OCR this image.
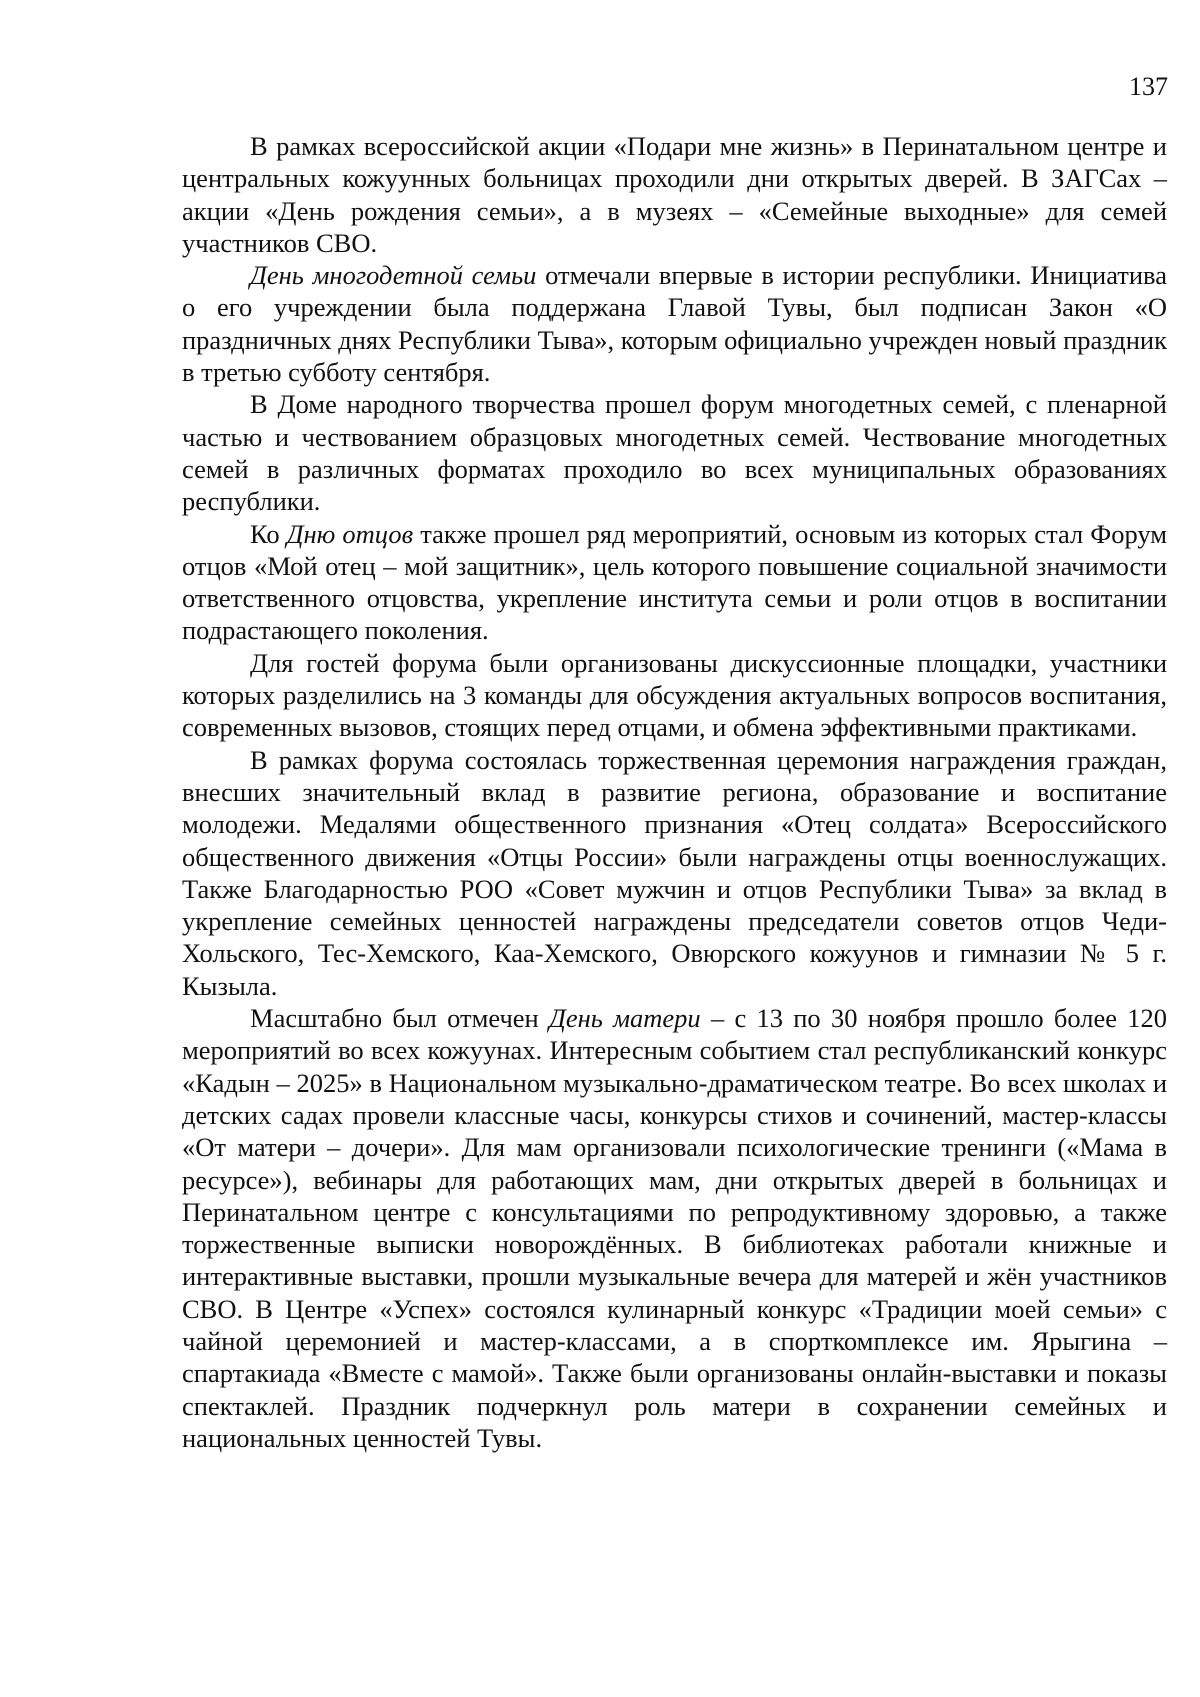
137

В рамках всероссийской акции «Подари мне жизнь» в Перинатальном центре и центральных кожуунных больницах проходили дни открытых дверей. В ЗАГСах – акции «День рождения семьи», а в музеях – «Семейные выходные» для семей участников СВО.

День многодетной семьи отмечали впервые в истории республики. Инициатива о его учреждении была поддержана Главой Тувы, был подписан Закон «О праздничных днях Республики Тыва», которым официально учрежден новый праздник в третью субботу сентября.

В Доме народного творчества прошел форум многодетных семей, с пленарной частью и чествованием образцовых многодетных семей. Чествование многодетных семей в различных форматах проходило во всех муниципальных образованиях республики.

Ко Дню отцов также прошел ряд мероприятий, основым из которых стал Форум отцов «Мой отец – мой защитник», цель которого повышение социальной значимости ответственного отцовства, укрепление института семьи и роли отцов в воспитании подрастающего поколения.

Для гостей форума были организованы дискуссионные площадки, участники которых разделились на 3 команды для обсуждения актуальных вопросов воспитания, современных вызовов, стоящих перед отцами, и обмена эффективными практиками.

В рамках форума состоялась торжественная церемония награждения граждан, внесших значительный вклад в развитие региона, образование и воспитание молодежи. Медалями общественного признания «Отец солдата» Всероссийского общественного движения «Отцы России» были награждены отцы военнослужащих. Также Благодарностью РОО «Совет мужчин и отцов Республики Тыва» за вклад в укрепление семейных ценностей награждены председатели советов отцов Чеди-Хольского, Тес-Хемского, Каа-Хемского, Овюрского кожуунов и гимназии № 5 г. Кызыла.

Масштабно был отмечен День матери – с 13 по 30 ноября прошло более 120 мероприятий во всех кожуунах. Интересным событием стал республиканский конкурс «Кадын – 2025» в Национальном музыкально-драматическом театре. Во всех школах и детских садах провели классные часы, конкурсы стихов и сочинений, мастер-классы «От матери – дочери». Для мам организовали психологические тренинги («Мама в ресурсе»), вебинары для работающих мам, дни открытых дверей в больницах и Перинатальном центре с консультациями по репродуктивному здоровью, а также торжественные выписки новорождённых. В библиотеках работали книжные и интерактивные выставки, прошли музыкальные вечера для матерей и жён участников СВО. В Центре «Успех» состоялся кулинарный конкурс «Традиции моей семьи» с чайной церемонией и мастер-классами, а в спорткомплексе им. Ярыгина – спартакиада «Вместе с мамой». Также были организованы онлайн-выставки и показы спектаклей. Праздник подчеркнул роль матери в сохранении семейных и национальных ценностей Тувы.
